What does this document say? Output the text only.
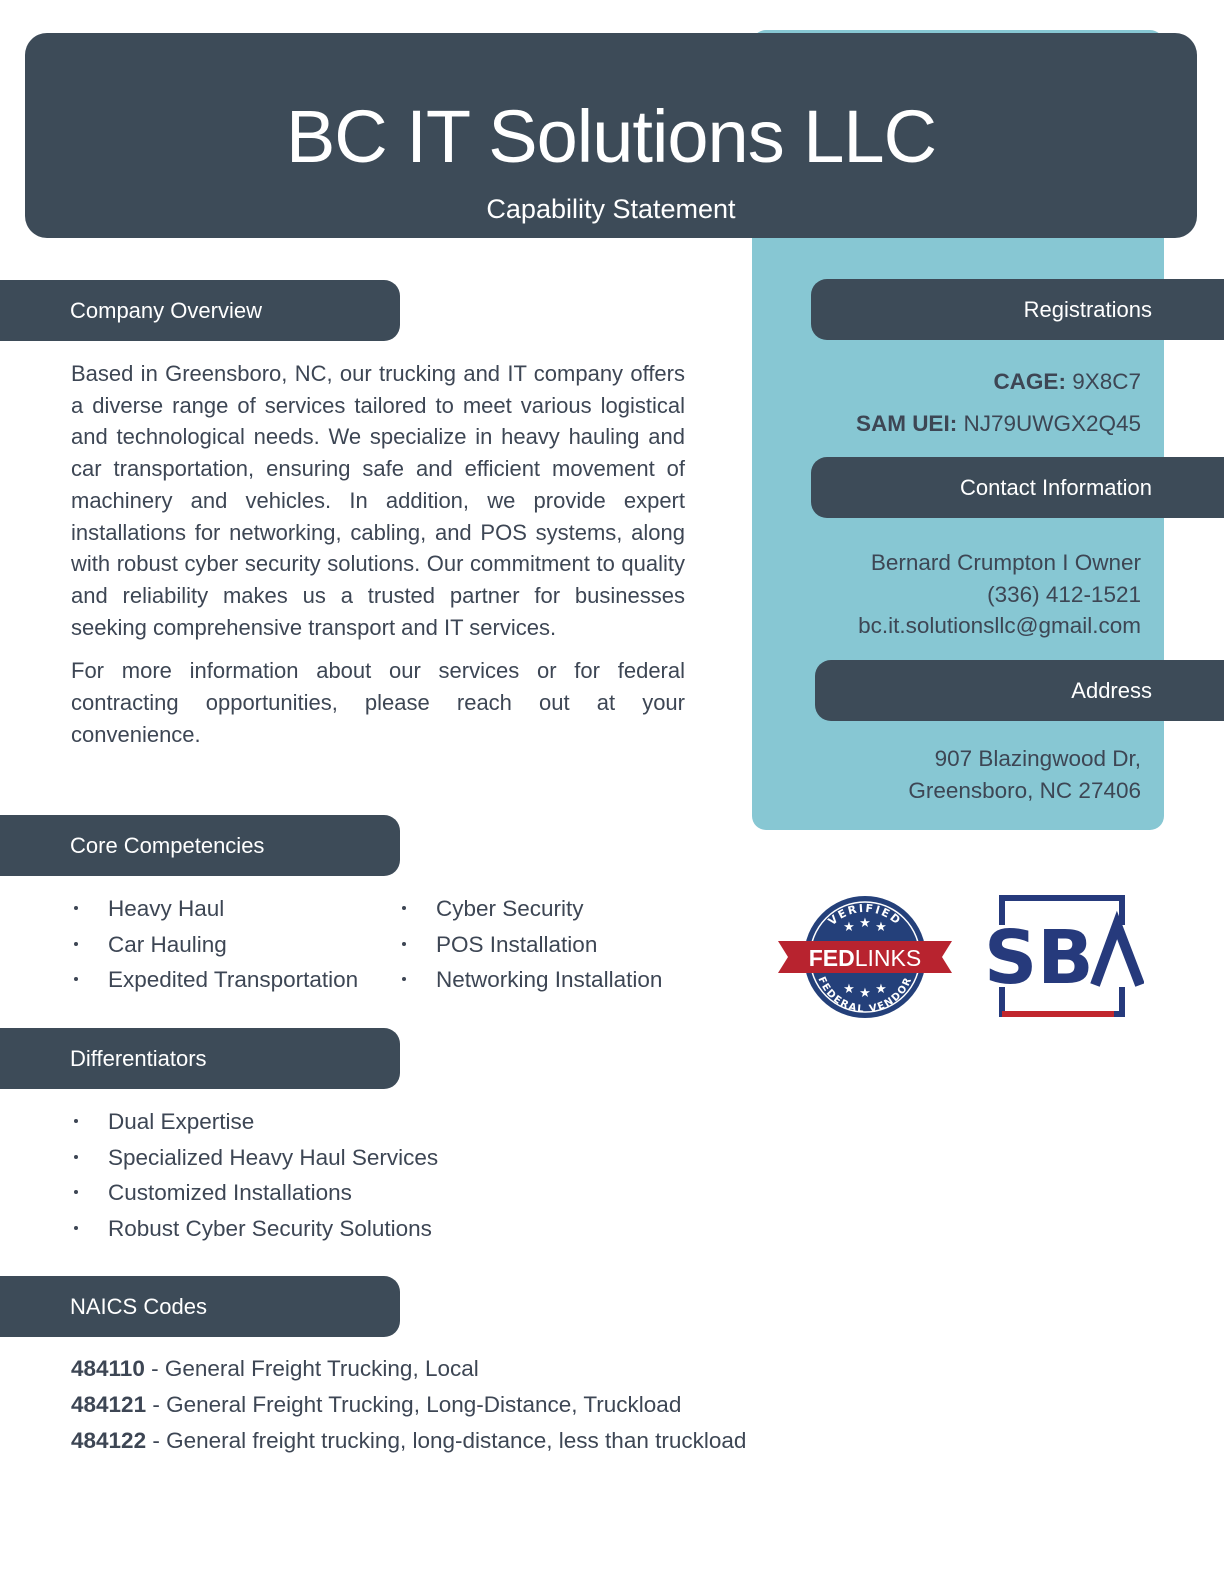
BC IT Solutions LLC
Capability Statement
Company Overview

Based in Greensboro, NC, our trucking and IT company offers a diverse range of services tailored to meet various logistical and technological needs. We specialize in heavy hauling and car transportation, ensuring safe and efficient movement of machinery and vehicles. In addition, we provide expert installations for networking, cabling, and POS systems, along with robust cyber security solutions. Our commitment to quality and reliability makes us a trusted partner for businesses seeking comprehensive transport and IT services.

For more information about our services or for federal contracting opportunities, please reach out at your convenience.

Core Competencies
Heavy Haul
Car Hauling
Expedited Transportation
Cyber Security
POS Installation
Networking Installation
Differentiators
Dual Expertise
Specialized Heavy Haul Services
Customized Installations
Robust Cyber Security Solutions
NAICS Codes
484110 - General Freight Trucking, Local
484121 - General Freight Trucking, Long-Distance, Truckload
484122 - General freight trucking, long-distance, less than truckload
Registrations
CAGE: 9X8C7
SAM UEI: NJ79UWGX2Q45
Contact Information
Bernard Crumpton I Owner
(336) 412-1521
bc.it.solutionsllc@gmail.com
Address
907 Blazingwood Dr,
Greensboro, NC 27406
VERIFIED
FEDERAL VENDOR
★ ★ ★
★ ★ ★
FEDLINKS SB
